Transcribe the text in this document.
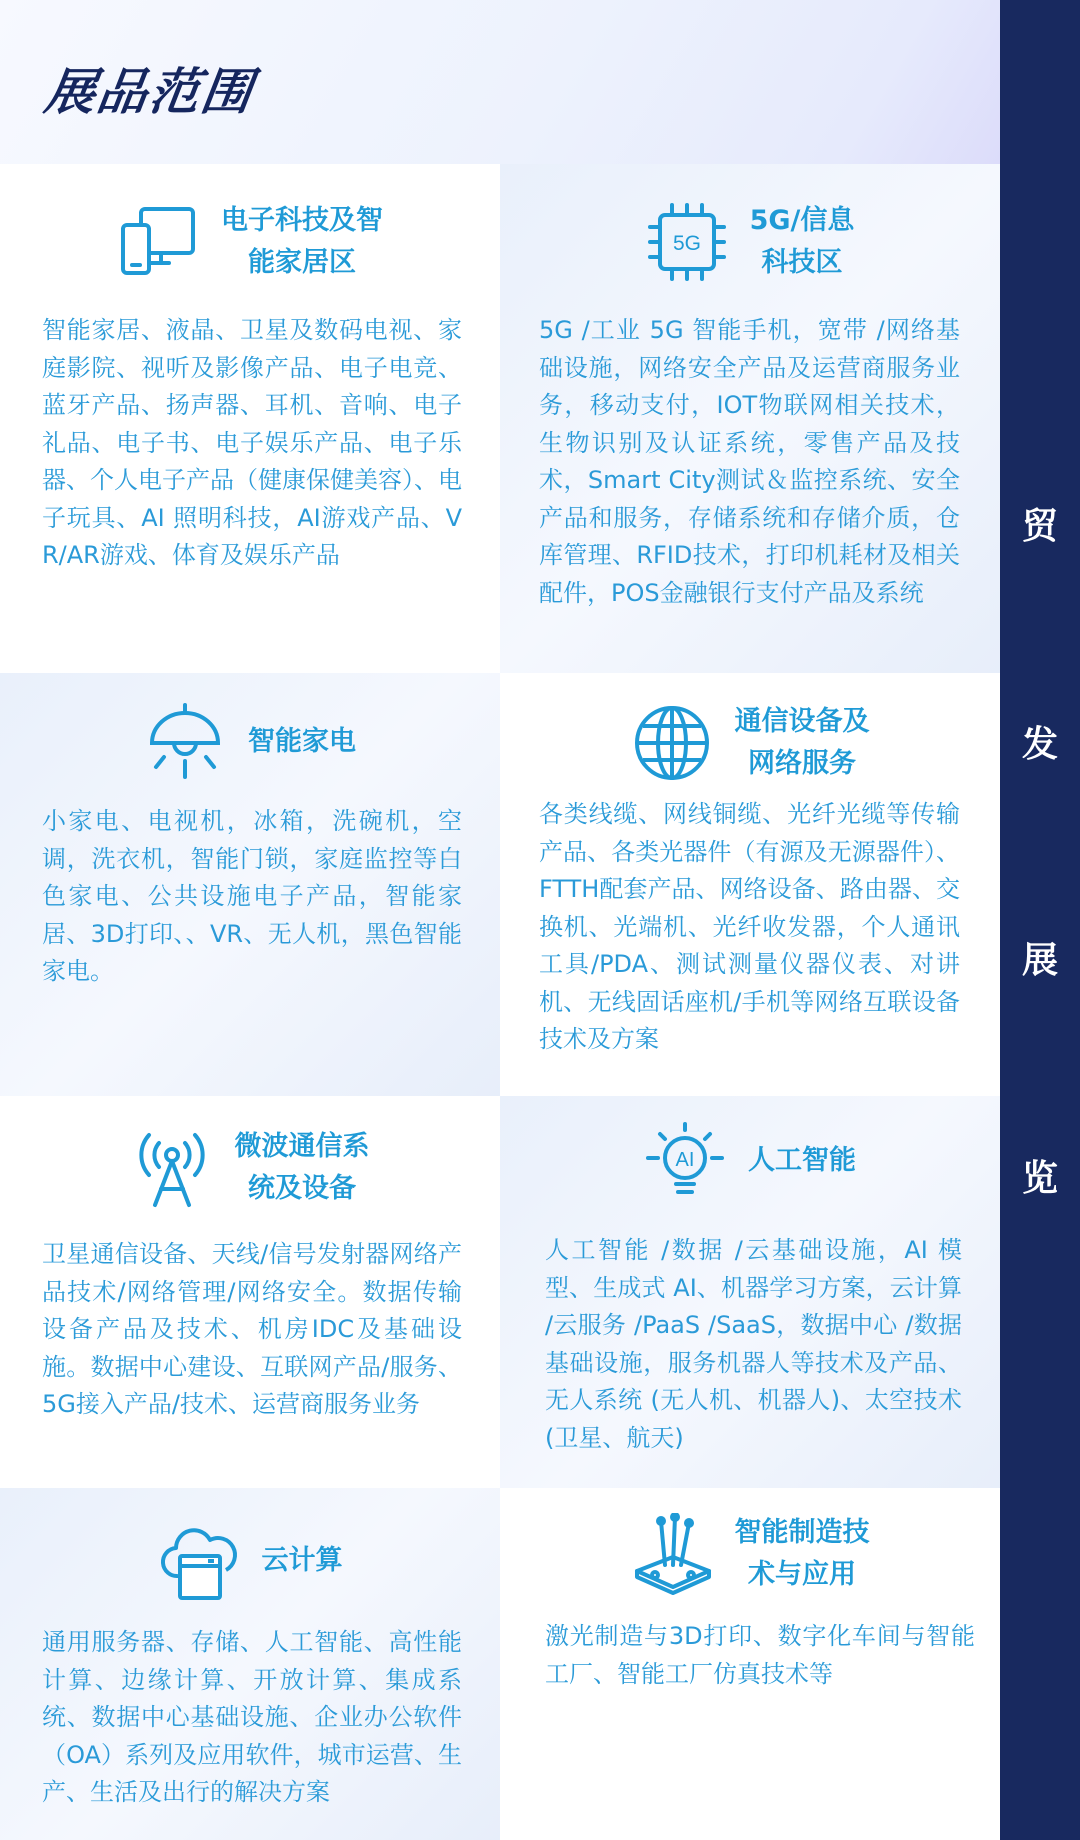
展品范围
电子科技及智
能家居区
智能家居、液晶、卫星及数码电视、家庭影院、视听及影像产品、电子电竞、蓝牙产品、扬声器、耳机、音响、电子礼品、电子书、电子娱乐产品、电子乐器、个人电子产品（健康保健美容）、电子玩具、AI 照明科技，AI游戏产品、VR/AR游戏、体育及娱乐产品
5G
5G/信息
科技区
5G /工业 5G 智能手机，宽带 /网络基础设施，网络安全产品及运营商服务业务，移动支付，IOT物联网相关技术，生物识别及认证系统，零售产品及技术，Smart City测试＆监控系统、安全产品和服务，存储系统和存储介质，仓库管理、RFID技术，打印机耗材及相关配件，POS金融银行支付产品及系统
智能家电
小家电、电视机，冰箱，洗碗机，空调，洗衣机，智能门锁，家庭监控等白色家电、公共设施电子产品，智能家居、3D打印、、VR、无人机，黑色智能家电。
通信设备及
网络服务
各类线缆、网线铜缆、光纤光缆等传输产品、各类光器件（有源及无源器件）、FTTH配套产品、网络设备、路由器、交换机、光端机、光纤收发器，个人通讯工具/PDA、测试测量仪器仪表、对讲机、无线固话座机/手机等网络互联设备技术及方案
微波通信系
统及设备
卫星通信设备、天线/信号发射器网络产品技术/网络管理/网络安全。数据传输设备产品及技术、机房IDC及基础设施。数据中心建设、互联网产品/服务、5G接入产品/技术、运营商服务业务
AI 人工智能
人工智能 /数据 /云基础设施，AI 模型、生成式 AI、机器学习方案，云计算 /云服务 /PaaS /SaaS，数据中心 /数据基础设施，服务机器人等技术及产品、无人系统 (无人机、机器人)、太空技术 (卫星、航天)
云计算
通用服务器、存储、人工智能、高性能计算、边缘计算、开放计算、集成系统、数据中心基础设施、企业办公软件（OA）系列及应用软件，城市运营、生产、生活及出行的解决方案
智能制造技
术与应用
激光制造与3D打印、数字化车间与智能工厂、智能工厂仿真技术等
贸
发
展
览
